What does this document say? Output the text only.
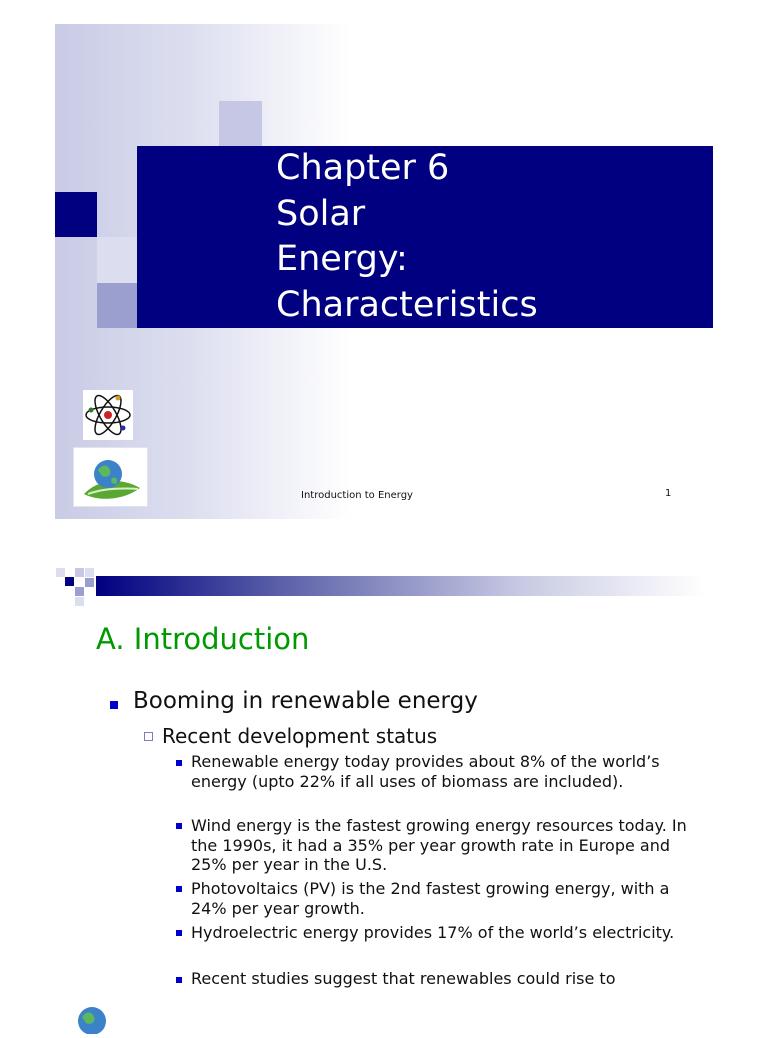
Chapter 6
Solar
Energy:
Characteristics
Introduction to Energy	1
A. Introduction
Booming in renewable energy
Recent development status
Renewable energy today provides about 8% of the world’s energy (upto 22% if all uses of biomass are included).
Wind energy is the fastest growing energy resources today. In the 1990s, it had a 35% per year growth rate in Europe and 25% per year in the U.S.
Photovoltaics (PV) is the 2nd fastest growing energy, with a 24% per year growth.
Hydroelectric energy provides 17% of the world’s electricity.
Recent studies suggest that renewables could rise to
